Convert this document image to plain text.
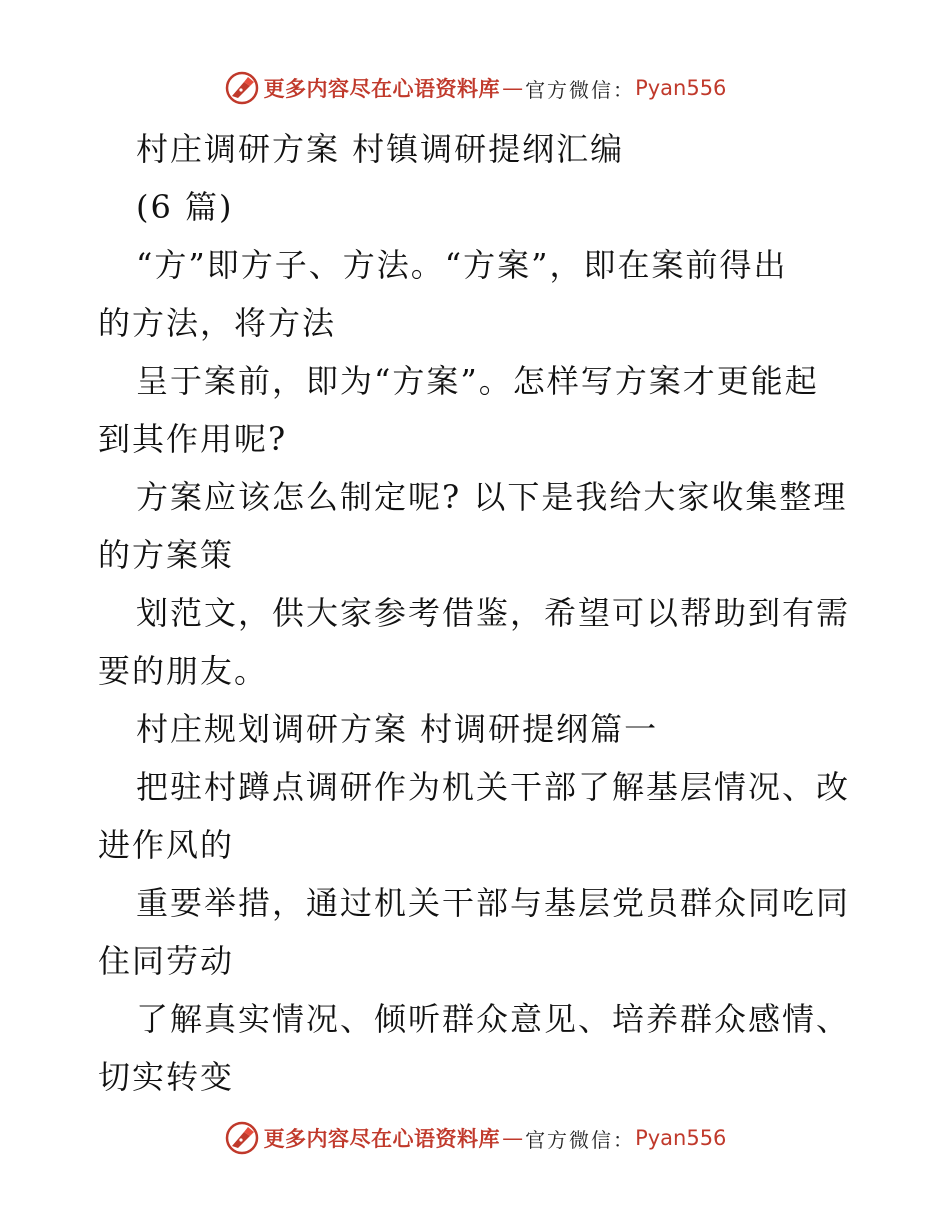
更多内容尽在心语资料库 — 官方微信： Pyan556
村庄调研方案 村镇调研提纲汇编
(6 篇)
“方”即方子、方法。“方案”，即在案前得出
的方法，将方法
呈于案前，即为“方案”。怎样写方案才更能起
到其作用呢?
方案应该怎么制定呢? 以下是我给大家收集整理
的方案策
划范文，供大家参考借鉴，希望可以帮助到有需
要的朋友。
村庄规划调研方案 村调研提纲篇一
把驻村蹲点调研作为机关干部了解基层情况、改
进作风的
重要举措，通过机关干部与基层党员群众同吃同
住同劳动
了解真实情况、倾听群众意见、培养群众感情、
切实转变
更多内容尽在心语资料库 — 官方微信： Pyan556
